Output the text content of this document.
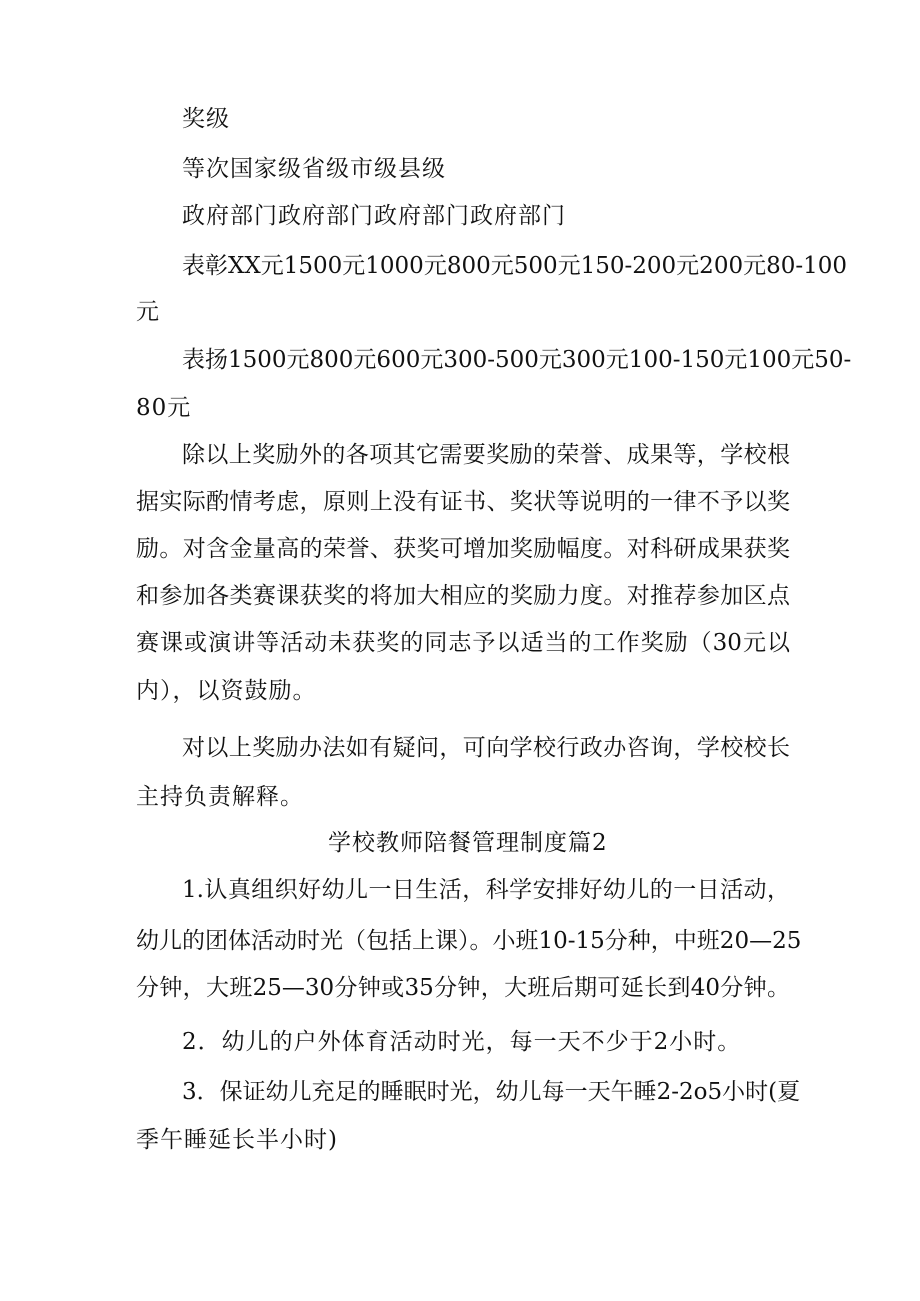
奖级
等次国家级省级市级县级
政府部门政府部门政府部门政府部门
表彰XX元1500元1000元800元500元150-200元200元80-100
元
表扬1500元800元600元300-500元300元100-150元100元50-
80元
除以上奖励外的各项其它需要奖励的荣誉、成果等，学校根
据实际酌情考虑，原则上没有证书、奖状等说明的一律不予以奖
励。对含金量高的荣誉、获奖可增加奖励幅度。对科研成果获奖
和参加各类赛课获奖的将加大相应的奖励力度。对推荐参加区点
赛课或演讲等活动未获奖的同志予以适当的工作奖励（30元以
内），以资鼓励。
对以上奖励办法如有疑问，可向学校行政办咨询，学校校长
主持负责解释。
学校教师陪餐管理制度篇2
1.认真组织好幼儿一日生活，科学安排好幼儿的一日活动，
幼儿的团体活动时光（包括上课）。小班10-15分种，中班20—25
分钟，大班25—30分钟或35分钟，大班后期可延长到40分钟。
2．幼儿的户外体育活动时光，每一天不少于2小时。
3．保证幼儿充足的睡眠时光，幼儿每一天午睡2-2o5小时(夏
季午睡延长半小时)
